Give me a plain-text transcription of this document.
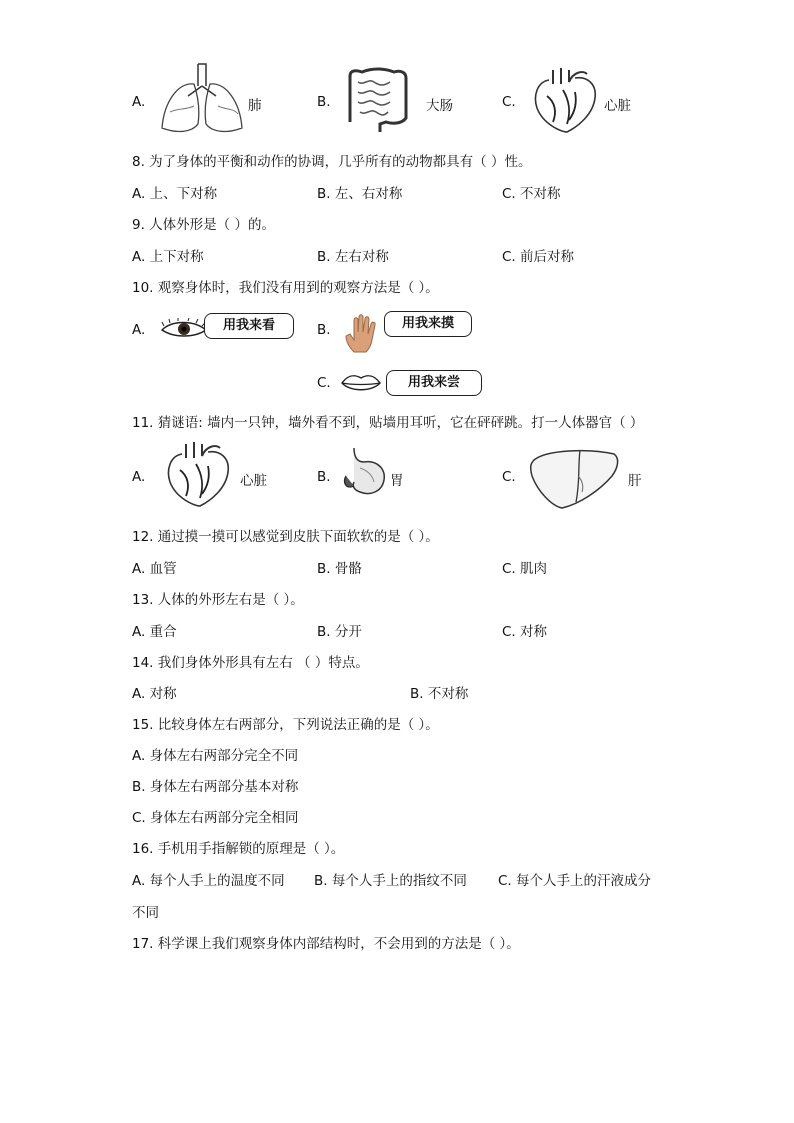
A.	肺	B.	大肠	C.	心脏
8. 为了身体的平衡和动作的协调，几乎所有的动物都具有（ ）性。
A. 上、下对称	B. 左、右对称	C. 不对称
9. 人体外形是（ ）的。
A. 上下对称	B. 左右对称	C. 前后对称
10. 观察身体时，我们没有用到的观察方法是（ ）。
A.	用我来看	B.	用我来摸
C.	用我来尝
11. 猜谜语: 墙内一只钟，墙外看不到，贴墙用耳听，它在砰砰跳。打一人体器官（ ）
A.	心脏	B.	胃	C.	肝
12. 通过摸一摸可以感觉到皮肤下面软软的是（ ）。
A. 血管	B. 骨骼	C. 肌肉
13. 人体的外形左右是（ ）。
A. 重合	B. 分开	C. 对称
14. 我们身体外形具有左右 （ ）特点。
A. 对称	B. 不对称
15. 比较身体左右两部分，下列说法正确的是（ ）。
A. 身体左右两部分完全不同
B. 身体左右两部分基本对称
C. 身体左右两部分完全相同
16. 手机用手指解锁的原理是（ ）。
A. 每个人手上的温度不同 B. 每个人手上的指纹不同 C. 每个人手上的汗液成分
不同
17. 科学课上我们观察身体内部结构时，不会用到的方法是（ ）。
